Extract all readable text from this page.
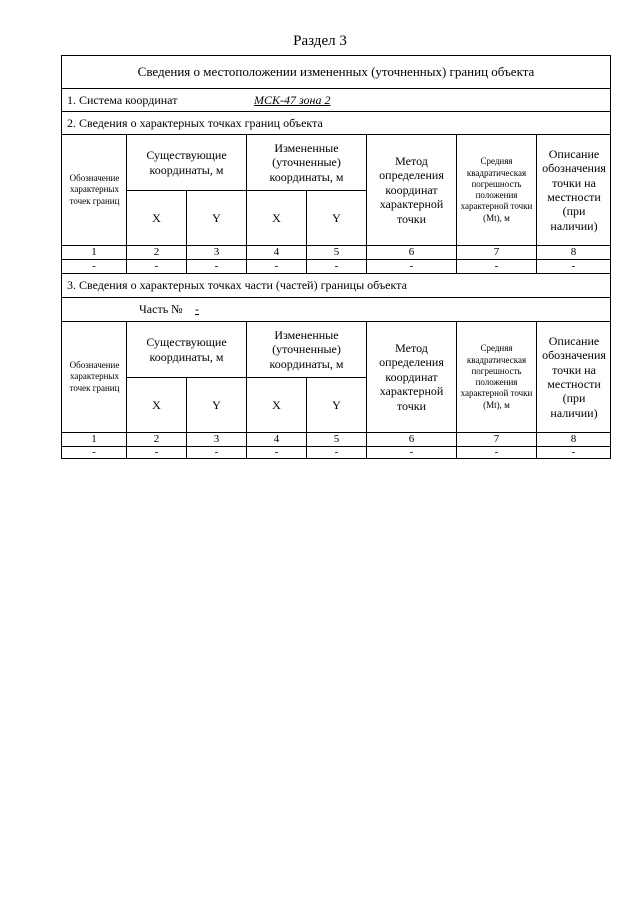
Раздел 3
Сведения о местоположении измененных (уточненных) границ объекта
1. Система координат	МСК-47 зона 2
2. Сведения о характерных точках границ объекта
Обозначение характерных точек границ
Существующие координаты, м
Измененные (уточненные) координаты, м
X	Y	X	Y
Метод определения координат характерной точки
Средняя квадратическая погрешность положения характерной точки (Mt), м
Описание обозначения точки на местности (при наличии)
1	2	3	4	5	6	7	8
-	-	-	-	-	-	-	-
3. Сведения о характерных точках части (частей) границы объекта
Часть №	-
Обозначение характерных точек границ
Существующие координаты, м
Измененные (уточненные) координаты, м
X	Y	X	Y
Метод определения координат характерной точки
Средняя квадратическая погрешность положения характерной точки (Mt), м
Описание обозначения точки на местности (при наличии)
1	2	3	4	5	6	7	8
-	-	-	-	-	-	-	-
